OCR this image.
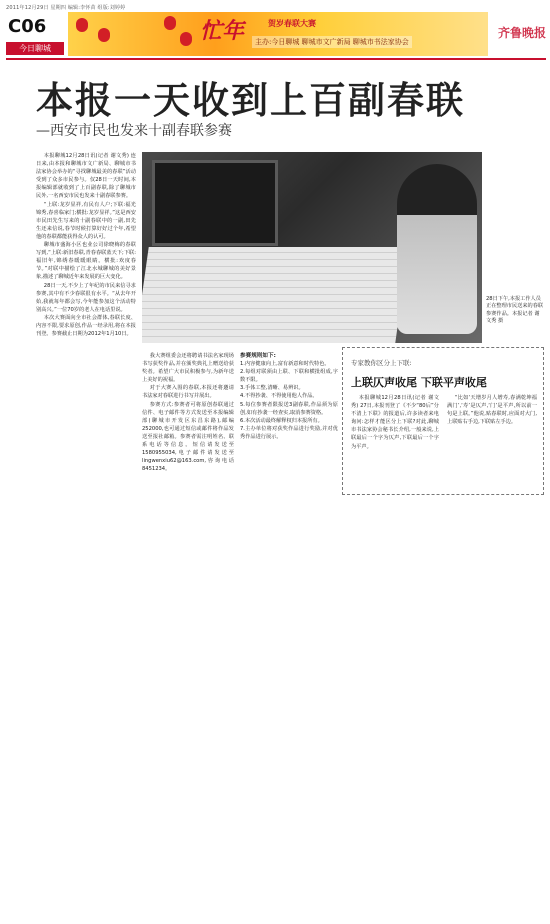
2011年12月29日 星期四 编辑:李怀苗 组版:刘婷婷
C06
今日聊城
忙年	贺岁春联大赛
主办:今日聊城 聊城市文广新局 聊城市书法家协会
齐鲁晚报
本报一天收到上百副春联
—西安市民也发来十副春联参赛

本报聊城12月28日讯(记者 谢文秀) 连日来,由本报和聊城市文广新局、聊城市书法家协会举办的“寻找聊城最美的春联”活动受到了众多市民参与。仅28日一天时间,本报编辑部就收到了上百副春联,除了聊城市民外,一名西安市民也发来十副春联参赛。

“上联:龙岁显祥,有民有人户;下联:福光锦秀,春喜临家门;横批:龙岁显祥。”这是西安市民田先生写来的十副春联中的一副,田先生还来信说,春节时候打算好好过个年,希望他的春联都能获得众人的认可。

聊城市盛海小区也业公司徐晓梅的春联写到,“上联:新旧春联,青春春联蓝天下;下联:福旧年,锦绣春暖暖眼睛。横批:欢度春节。”对联中描绘了江北水城聊城的美好景象,描述了聊城近年来发展的巨大变化。

28日一天,不少上了年纪的市民来信寻求参赛,其中有不少春联很有水平。“从去年开始,我就每年都会写,今年能参加这个活动特别高兴。”一位70岁的老人在电话里说。

本次大赛面向全市社会群体,春联长度、内容不限,要求原创,作品一经录用,将在本报刊登。参赛截止日期为2012年1月10日。

28日下午,本报工作人员正在整理市民送来的春联参赛作品。本报记者 谢文秀 摄

我大赛组委会还将聘请书法名家现场书写获奖作品,并在颁奖典礼上赠送给获奖者。希望广大市民积极参与,为新年送上美好的祝福。

对于大赛入围的春联,本报还将邀请书法家对春联进行书写并展出。

参赛方式:参赛者可将原创春联通过信件、电子邮件等方式发送至本报编辑部(聊城市开发区东昌东路),邮编252000,也可通过短信或邮件将作品发送至报社邮箱。参赛者需注明姓名、联系电话等信息。短信请发送至1580955034,电子邮件请发送至lingwenxiu62@163.com,咨询电话8451234。

参赛规则如下:
1.内容健康向上,富有新意和时代特色。
2.每组对联须由上联、下联和横批组成,字数不限。
3.手体工整,清晰、易辨识。
4.不得抄袭、不得使用他人作品。
5.每位参赛者限报送3副春联,作品须为原创,如有抄袭一经查实,取消参赛资格。
6.本次活动最终解释权归本报所有。
7.主办单位将对获奖作品进行奖励,并对优秀作品进行展示。
专家教你区分上下联:
上联仄声收尾 下联平声收尾

本报聊城12月28日讯(记者 谢文秀) 27日,本报刊登了《不少“80后”分不清上下联》的报道后,许多读者来电询问:怎样才能区分上下联?对此,聊城市书法家协会秘书长介绍,一般来说,上联最后一个字为仄声,下联最后一个字为平声。

“比如‘天增岁月人增寿,春满乾坤福满门’,‘寿’是仄声,‘门’是平声,所以前一句是上联。”他说,贴春联时,应面对大门,上联贴右手边,下联贴左手边。
